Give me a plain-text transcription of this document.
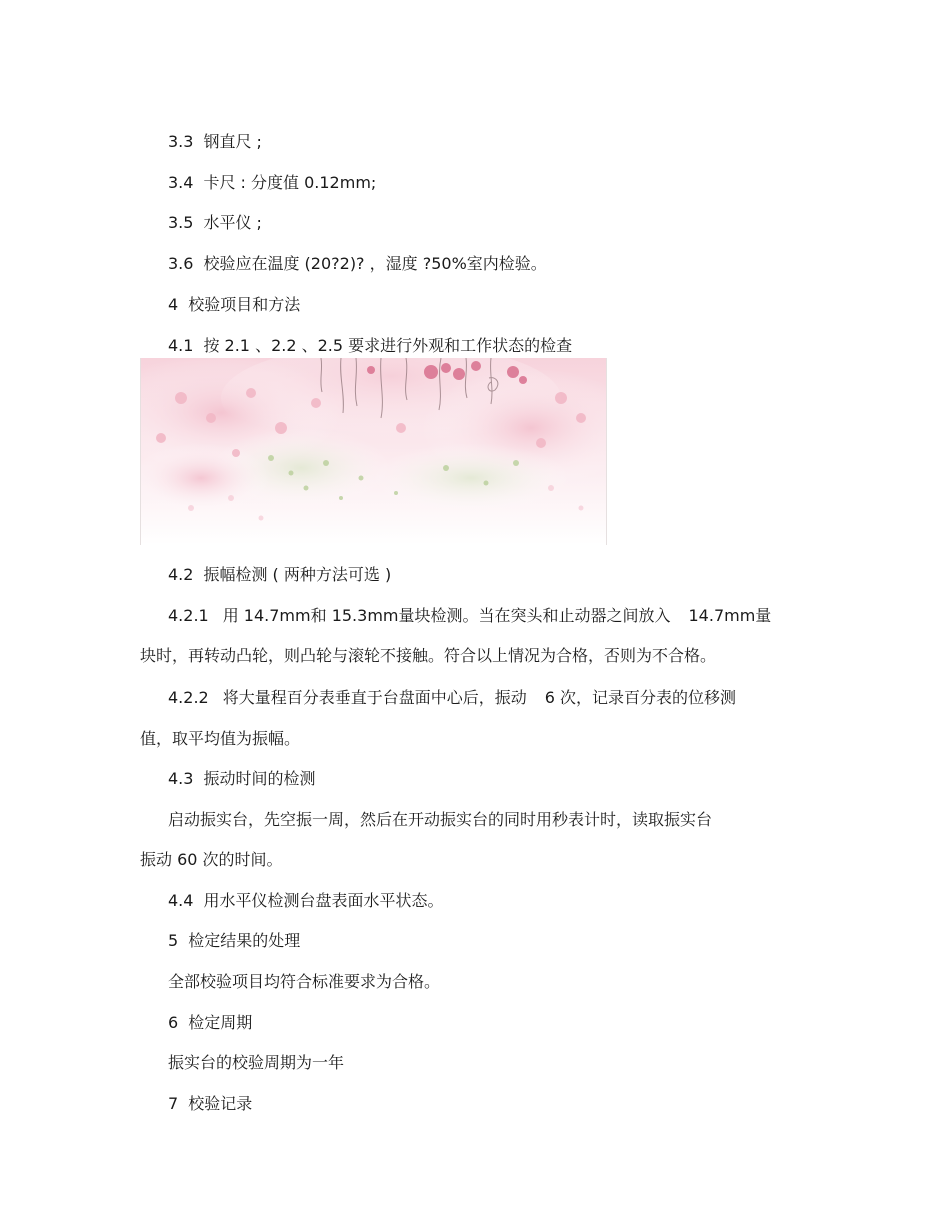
3.3 钢直尺 ;
3.4 卡尺 : 分度值 0.12mm;
3.5 水平仪 ;
3.6 校验应在温度 (20?2)? ，湿度 ?50%室内检验。
4 校验项目和方法
4.1 按 2.1 、2.2 、2.5 要求进行外观和工作状态的检查
4.2 振幅检测 ( 两种方法可选 )
4.2.1 用 14.7mm和 15.3mm量块检测。当在突头和止动器之间放入 14.7mm量
块时，再转动凸轮，则凸轮与滚轮不接触。符合以上情况为合格，否则为不合格。
4.2.2 将大量程百分表垂直于台盘面中心后，振动 6 次，记录百分表的位移测
值，取平均值为振幅。
4.3 振动时间的检测
启动振实台，先空振一周，然后在开动振实台的同时用秒表计时，读取振实台
振动 60 次的时间。
4.4 用水平仪检测台盘表面水平状态。
5 检定结果的处理
全部校验项目均符合标准要求为合格。
6 检定周期
振实台的校验周期为一年
7 校验记录
